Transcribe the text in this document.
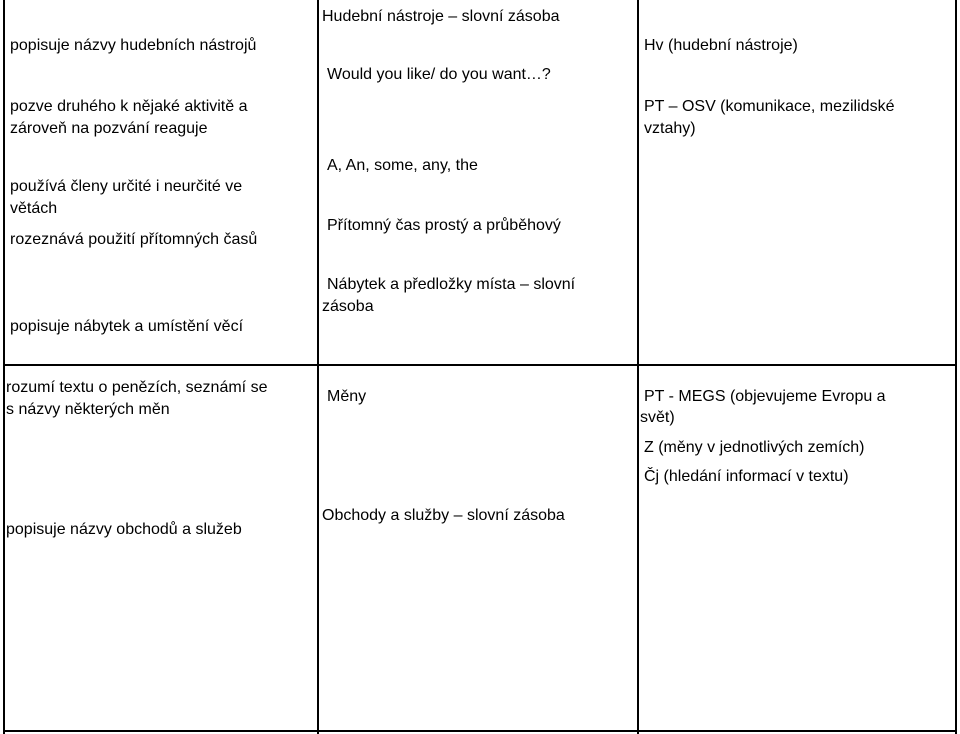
popisuje názvy hudebních nástrojů
pozve druhého k nějaké aktivitě a
zároveň na pozvání reaguje
používá členy určité i neurčité ve
větách
rozeznává použití přítomných časů
popisuje nábytek a umístění věcí
rozumí textu o penězích, seznámí se
s názvy některých měn
popisuje názvy obchodů a služeb
Hudební nástroje – slovní zásoba
Would you like/ do you want…?
A, An, some, any, the
Přítomný čas prostý a průběhový
Nábytek a předložky místa – slovní
zásoba
Měny
Obchody a služby – slovní zásoba
Hv (hudební nástroje)
PT – OSV (komunikace, mezilidské
vztahy)
PT - MEGS (objevujeme Evropu a
svět)
Z (měny v jednotlivých zemích)
Čj (hledání informací v textu)
